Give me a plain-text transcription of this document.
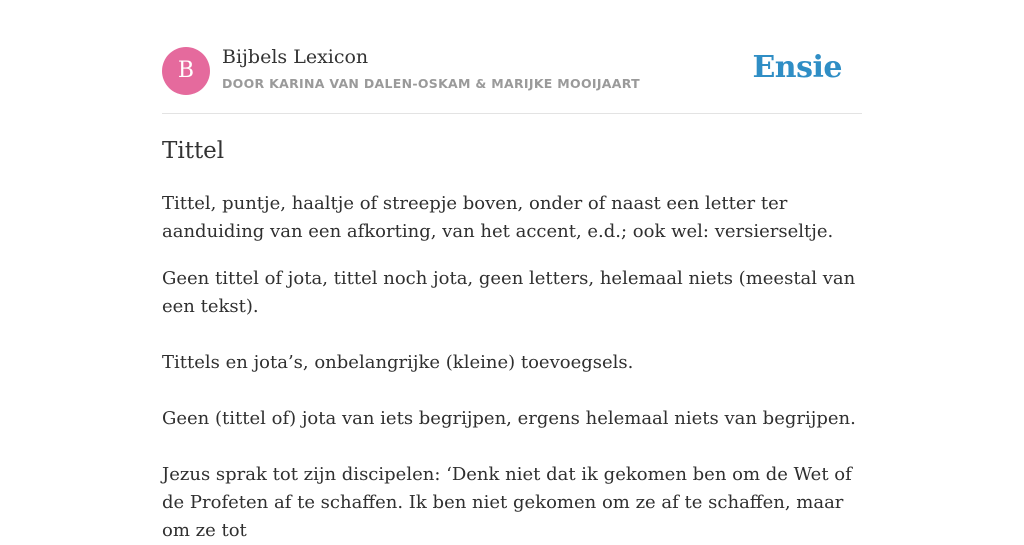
B
Bijbels Lexicon
DOOR KARINA VAN DALEN-OSKAM & MARIJKE MOOIJAART	Ensie
Tittel

Tittel, puntje, haaltje of streepje boven, onder of naast een letter ter aanduiding van een afkorting, van het accent, e.d.; ook wel: versierseltje.

Geen tittel of jota, tittel noch jota, geen letters, helemaal niets (meestal van een tekst).

Tittels en jota’s, onbelangrijke (kleine) toevoegsels.

Geen (tittel of) jota van iets begrijpen, ergens helemaal niets van begrijpen.

Jezus sprak tot zijn discipelen: ‘Denk niet dat ik gekomen ben om de Wet of de Profeten af te schaffen. Ik ben niet gekomen om ze af te schaffen, maar om ze tot
